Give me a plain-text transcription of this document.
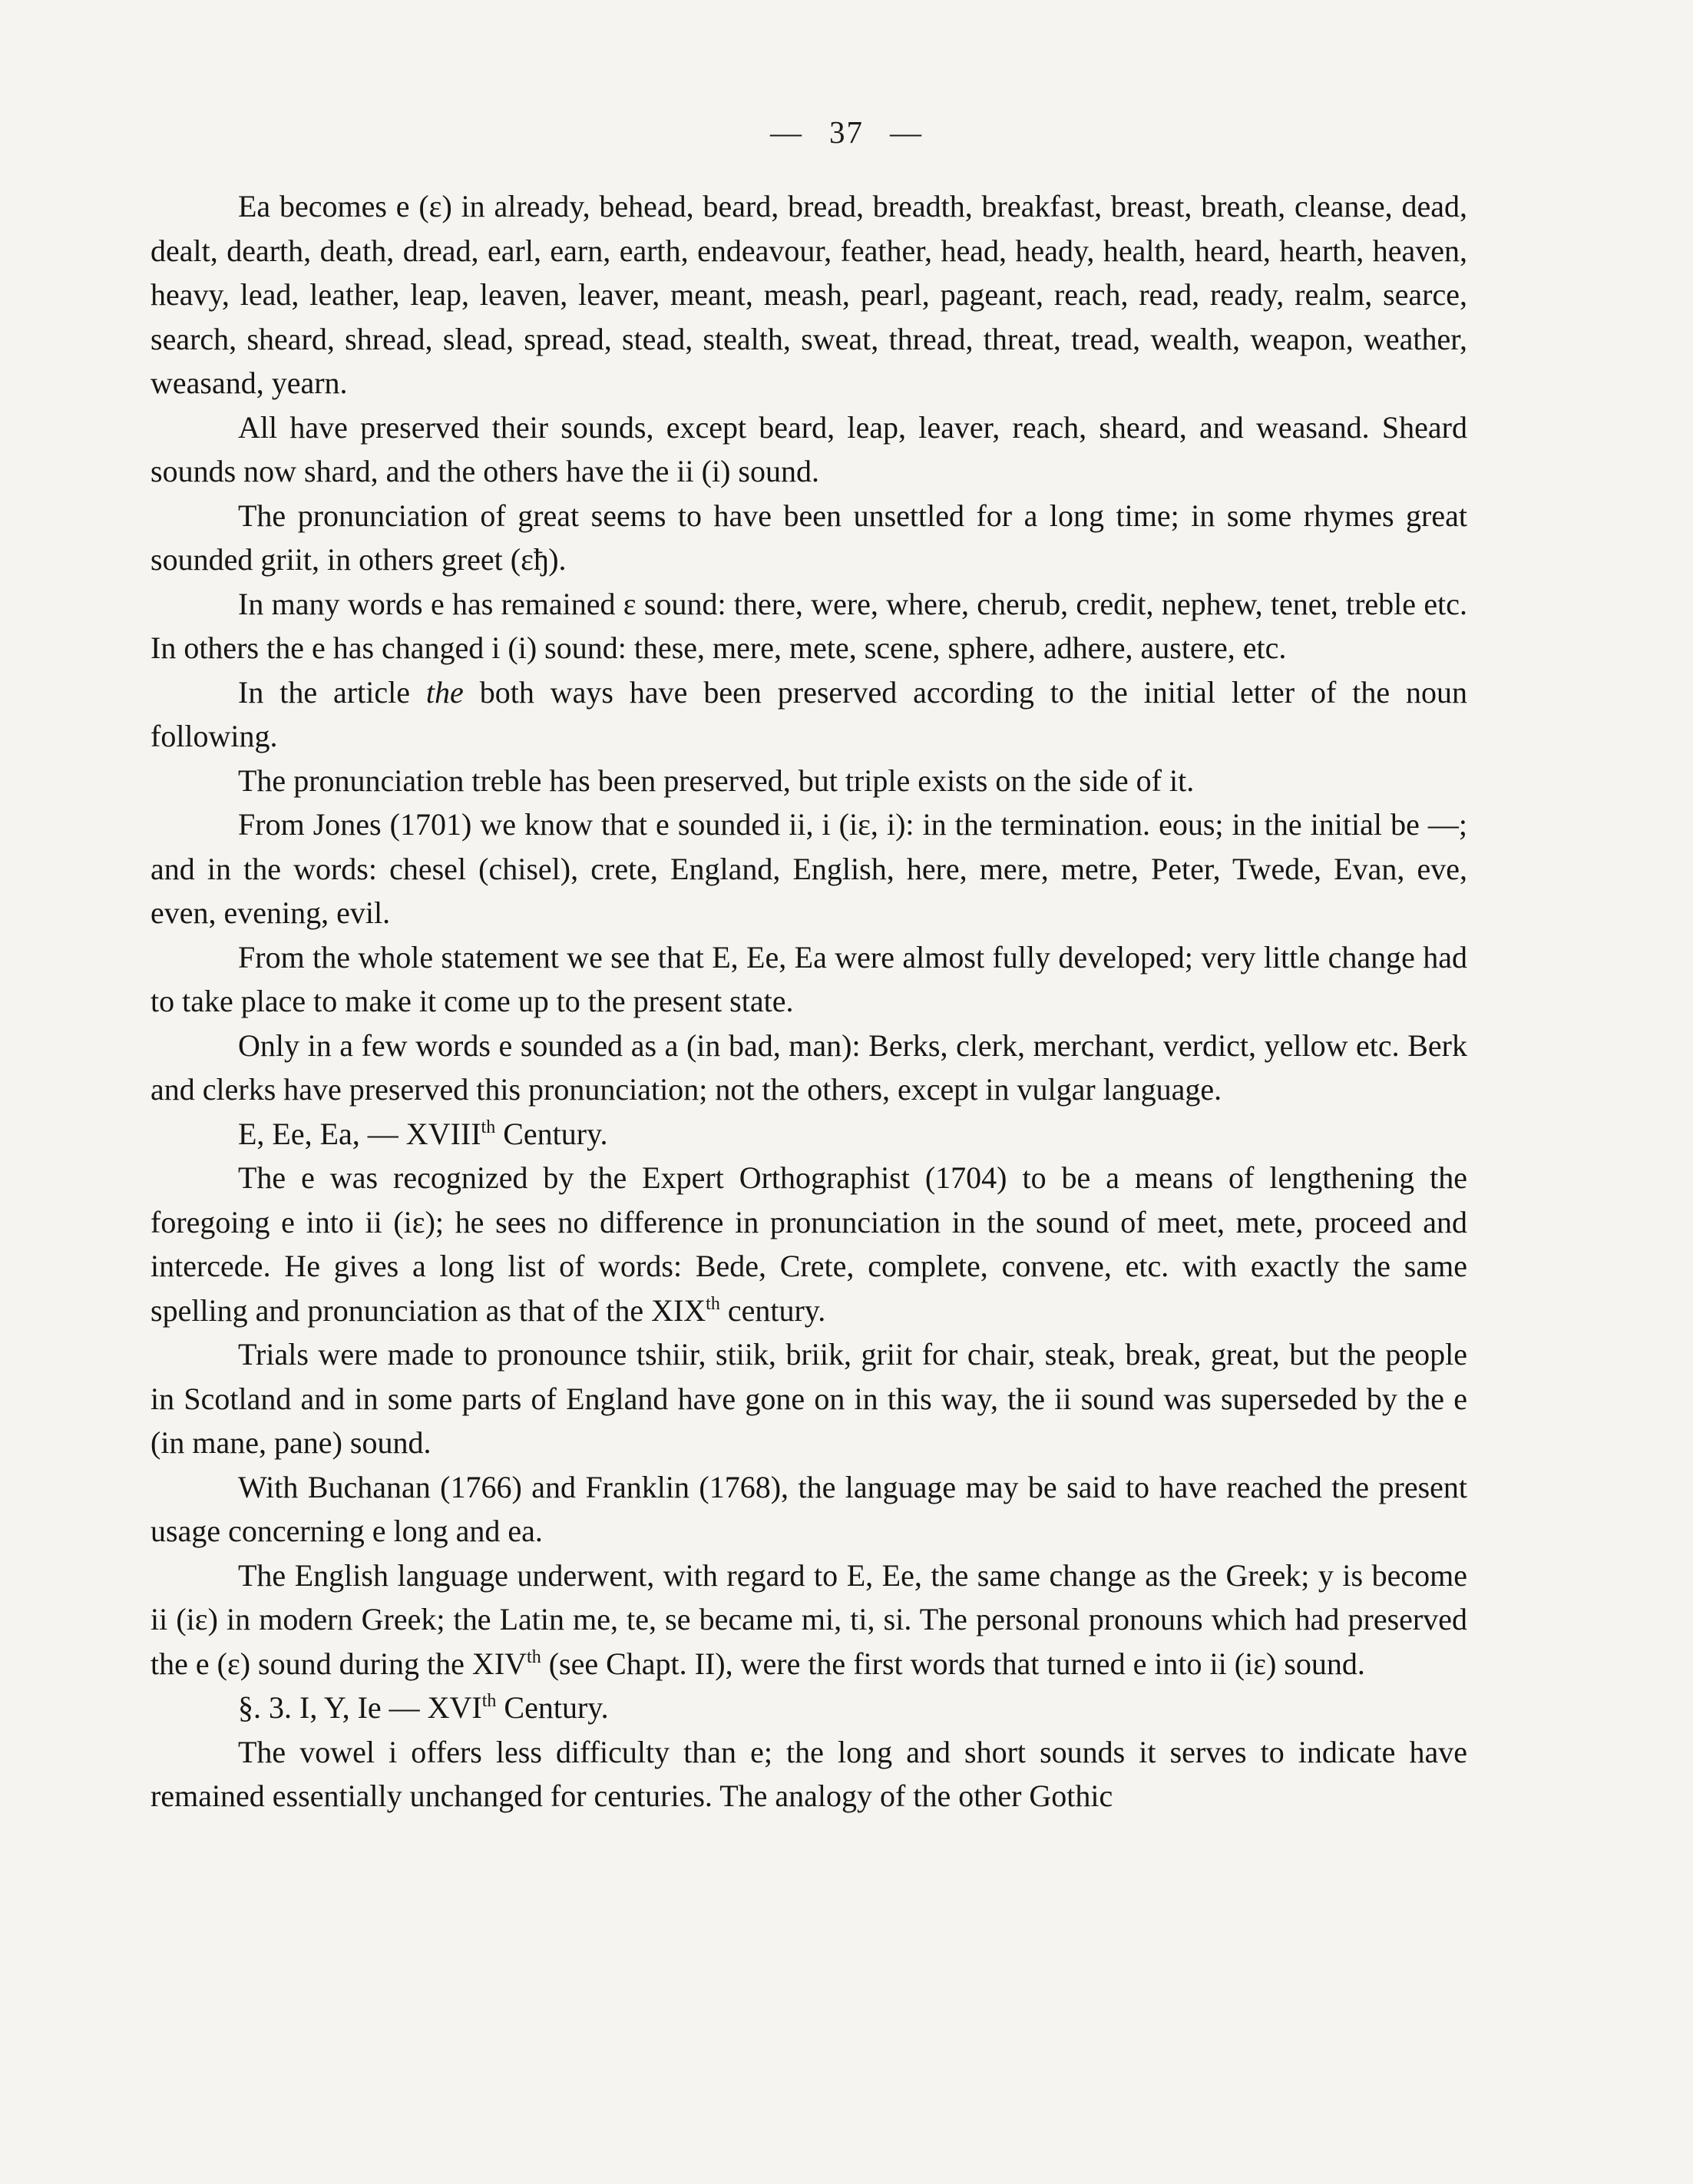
— 37 —

Ea becomes e (ε) in already, behead, beard, bread, breadth, breakfast, breast, breath, cleanse, dead, dealt, dearth, death, dread, earl, earn, earth, endeavour, feather, head, heady, health, heard, hearth, heaven, heavy, lead, leather, leap, leaven, leaver, meant, meash, pearl, pageant, reach, read, ready, realm, searce, search, sheard, shread, slead, spread, stead, stealth, sweat, thread, threat, tread, wealth, weapon, weather, weasand, yearn.

All have preserved their sounds, except beard, leap, leaver, reach, sheard, and weasand. Sheard sounds now shard, and the others have the ii (i) sound.

The pronunciation of great seems to have been unsettled for a long time; in some rhymes great sounded griit, in others greet (εђ).

In many words e has remained ε sound: there, were, where, cherub, credit, nephew, tenet, treble etc. In others the e has changed i (i) sound: these, mere, mete, scene, sphere, adhere, austere, etc.

In the article the both ways have been preserved according to the initial letter of the noun following.

The pronunciation treble has been preserved, but triple exists on the side of it.

From Jones (1701) we know that e sounded ii, i (iε, i): in the termination. eous; in the initial be —; and in the words: chesel (chisel), crete, England, English, here, mere, metre, Peter, Twede, Evan, eve, even, evening, evil.

From the whole statement we see that E, Ee, Ea were almost fully developed; very little change had to take place to make it come up to the present state.

Only in a few words e sounded as a (in bad, man): Berks, clerk, merchant, verdict, yellow etc. Berk and clerks have preserved this pronunciation; not the others, except in vulgar language.

E, Ee, Ea, — XVIIIth Century.

The e was recognized by the Expert Orthographist (1704) to be a means of lengthening the foregoing e into ii (iε); he sees no difference in pronunciation in the sound of meet, mete, proceed and intercede. He gives a long list of words: Bede, Crete, complete, convene, etc. with exactly the same spelling and pronunciation as that of the XIXth century.

Trials were made to pronounce tshiir, stiik, briik, griit for chair, steak, break, great, but the people in Scotland and in some parts of England have gone on in this way, the ii sound was superseded by the e (in mane, pane) sound.

With Buchanan (1766) and Franklin (1768), the language may be said to have reached the present usage concerning e long and ea.

The English language underwent, with regard to E, Ee, the same change as the Greek; y is become ii (iε) in modern Greek; the Latin me, te, se became mi, ti, si. The personal pronouns which had preserved the e (ε) sound during the XIVth (see Chapt. II), were the first words that turned e into ii (iε) sound.

§. 3. I, Y, Ie — XVIth Century.

The vowel i offers less difficulty than e; the long and short sounds it serves to indicate have remained essentially unchanged for centuries. The analogy of the other Gothic
